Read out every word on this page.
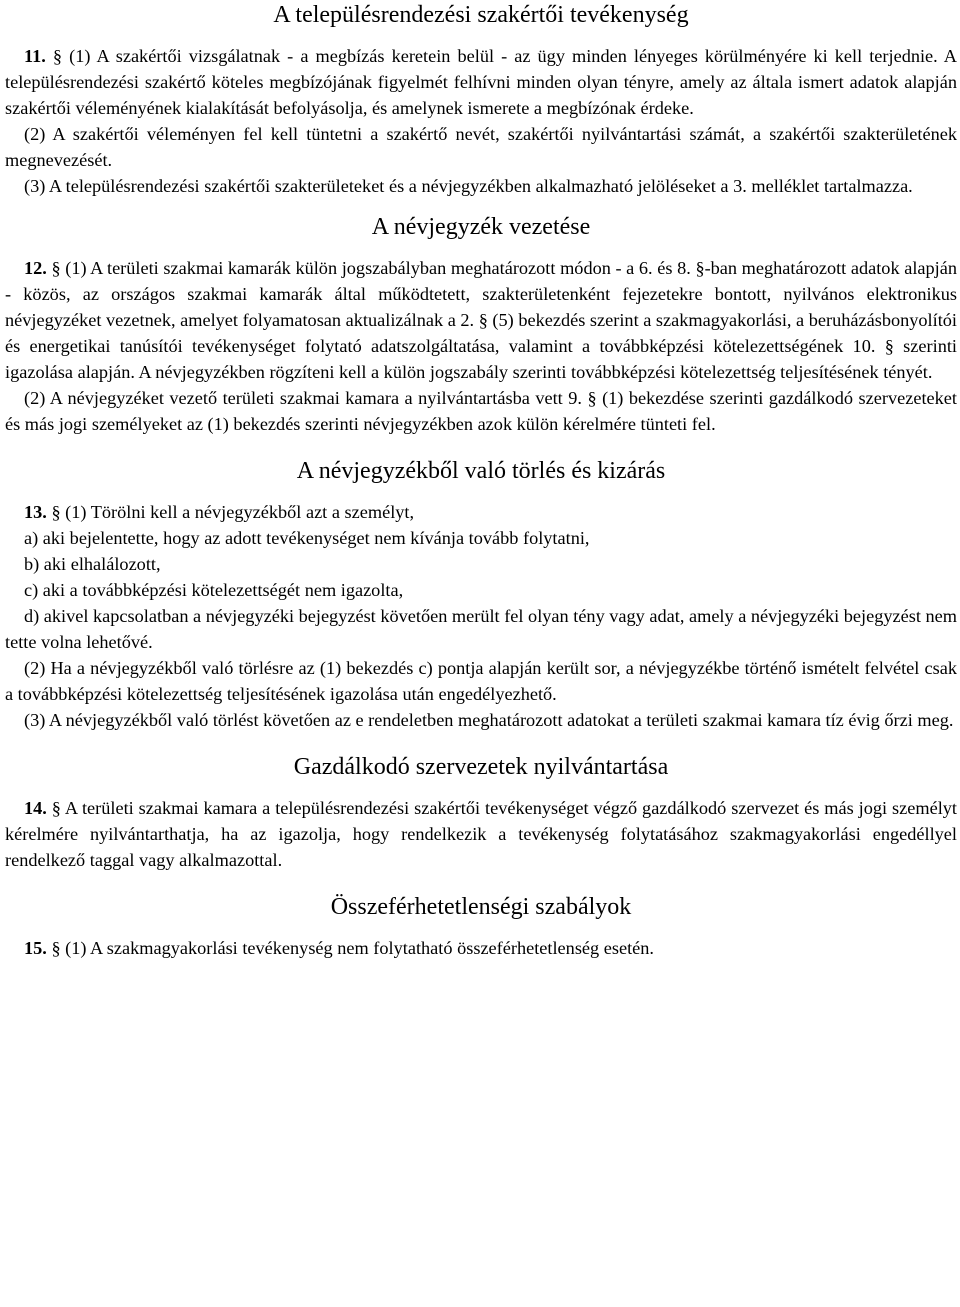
A településrendezési szakértői tevékenység

11. § (1) A szakértői vizsgálatnak - a megbízás keretein belül - az ügy minden lényeges körülményére ki kell terjednie. A településrendezési szakértő köteles megbízójának figyelmét felhívni minden olyan tényre, amely az általa ismert adatok alapján szakértői véleményének kialakítását befolyásolja, és amelynek ismerete a megbízónak érdeke.

(2) A szakértői véleményen fel kell tüntetni a szakértő nevét, szakértői nyilvántartási számát, a szakértői szakterületének megnevezését.

(3) A településrendezési szakértői szakterületeket és a névjegyzékben alkalmazható jelöléseket a 3. melléklet tartalmazza.

A névjegyzék vezetése

12. § (1) A területi szakmai kamarák külön jogszabályban meghatározott módon - a 6. és 8. §-ban meghatározott adatok alapján - közös, az országos szakmai kamarák által működtetett, szakterületenként fejezetekre bontott, nyilvános elektronikus névjegyzéket vezetnek, amelyet folyamatosan aktualizálnak a 2. § (5) bekezdés szerint a szakmagyakorlási, a beruházásbonyolítói és energetikai tanúsítói tevékenységet folytató adatszolgáltatása, valamint a továbbképzési kötelezettségének 10. § szerinti igazolása alapján. A névjegyzékben rögzíteni kell a külön jogszabály szerinti továbbképzési kötelezettség teljesítésének tényét.

(2) A névjegyzéket vezető területi szakmai kamara a nyilvántartásba vett 9. § (1) bekezdése szerinti gazdálkodó szervezeteket és más jogi személyeket az (1) bekezdés szerinti névjegyzékben azok külön kérelmére tünteti fel.

A névjegyzékből való törlés és kizárás

13. § (1) Törölni kell a névjegyzékből azt a személyt,

a) aki bejelentette, hogy az adott tevékenységet nem kívánja tovább folytatni,

b) aki elhalálozott,

c) aki a továbbképzési kötelezettségét nem igazolta,

d) akivel kapcsolatban a névjegyzéki bejegyzést követően merült fel olyan tény vagy adat, amely a névjegyzéki bejegyzést nem tette volna lehetővé.

(2) Ha a névjegyzékből való törlésre az (1) bekezdés c) pontja alapján került sor, a névjegyzékbe történő ismételt felvétel csak a továbbképzési kötelezettség teljesítésének igazolása után engedélyezhető.

(3) A névjegyzékből való törlést követően az e rendeletben meghatározott adatokat a területi szakmai kamara tíz évig őrzi meg.

Gazdálkodó szervezetek nyilvántartása

14. § A területi szakmai kamara a településrendezési szakértői tevékenységet végző gazdálkodó szervezet és más jogi személyt kérelmére nyilvántarthatja, ha az igazolja, hogy rendelkezik a tevékenység folytatásához szakmagyakorlási engedéllyel rendelkező taggal vagy alkalmazottal.

Összeférhetetlenségi szabályok

15. § (1) A szakmagyakorlási tevékenység nem folytatható összeférhetetlenség esetén.
